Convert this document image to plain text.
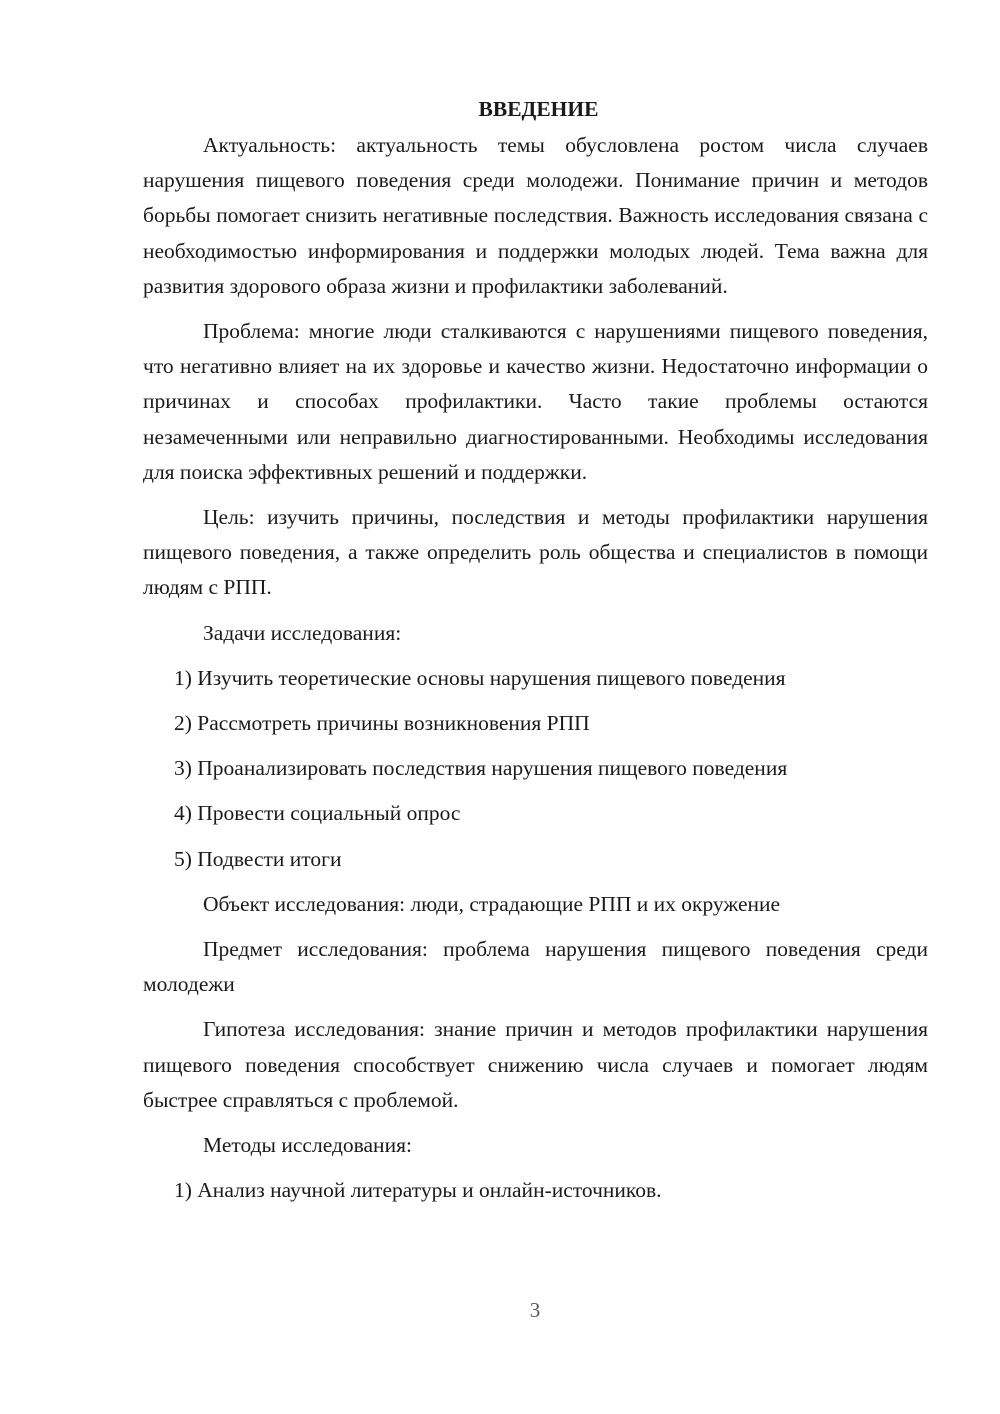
ВВЕДЕНИЕ

Актуальность: актуальность темы обусловлена ростом числа случаев нарушения пищевого поведения среди молодежи. Понимание причин и методов борьбы помогает снизить негативные последствия. Важность исследования связана с необходимостью информирования и поддержки молодых людей. Тема важна для развития здорового образа жизни и профилактики заболеваний.

Проблема: многие люди сталкиваются с нарушениями пищевого поведения, что негативно влияет на их здоровье и качество жизни. Недостаточно информации о причинах и способах профилактики. Часто такие проблемы остаются незамеченными или неправильно диагностированными. Необходимы исследования для поиска эффективных решений и поддержки.

Цель: изучить причины, последствия и методы профилактики нарушения пищевого поведения, а также определить роль общества и специалистов в помощи людям с РПП.

Задачи исследования:
1) Изучить теоретические основы нарушения пищевого поведения
2) Рассмотреть причины возникновения РПП
3) Проанализировать последствия нарушения пищевого поведения
4) Провести социальный опрос
5) Подвести итоги
Объект исследования: люди, страдающие РПП и их окружение

Предмет исследования: проблема нарушения пищевого поведения среди молодежи

Гипотеза исследования: знание причин и методов профилактики нарушения пищевого поведения способствует снижению числа случаев и помогает людям быстрее справляться с проблемой.

Методы исследования:
1) Анализ научной литературы и онлайн-источников.
3
